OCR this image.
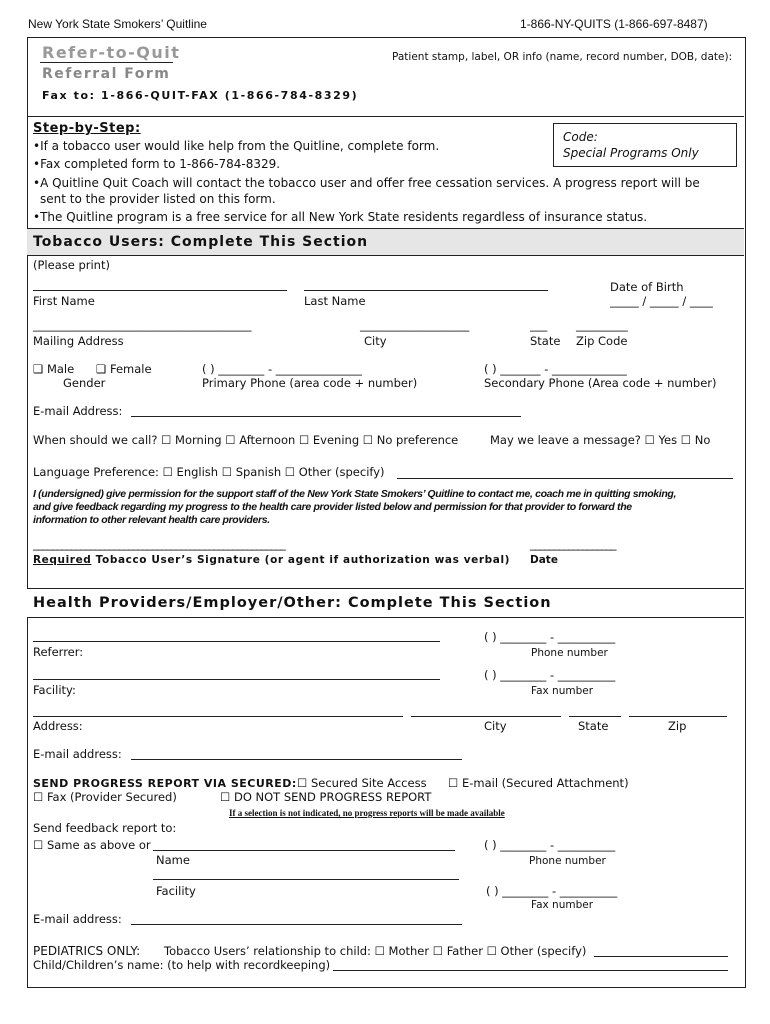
New York State Smokers’ Quitline	1-866-NY-QUITS (1-866-697-8487)
Refer-to-Quit
Referral Form
Fax to: 1-866-QUIT-FAX (1-866-784-8329)
Patient stamp, label, OR info (name, record number, DOB, date):
Step-by-Step:
•If a tobacco user would like help from the Quitline, complete form.
•Fax completed form to 1-866-784-8329.
•A Quitline Quit Coach will contact the tobacco user and offer free cessation services. A progress report will be
sent to the provider listed on this form.
•The Quitline program is a free service for all New York State residents regardless of insurance status.
Code:
Special Programs Only
Tobacco Users: Complete This Section
(Please print)
First Name	Last Name
Date of Birth
_____ / _____ / ____
______________________________________	___________________	___	_________
Mailing Address	City	State Zip Code
❑ Male ❑ Female
Gender
( ) ________ - _______________
Primary Phone (area code + number)
( ) _______ - _____________
Secondary Phone (Area code + number)
E-mail Address:
When should we call? ☐ Morning ☐ Afternoon ☐ Evening ☐ No preference	May we leave a message? ☐ Yes ☐ No
Language Preference: ☐ English ☐ Spanish ☐ Other (specify)
I (undersigned) give permission for the support staff of the New York State Smokers’ Quitline to contact me, coach me in quitting smoking,
and give feedback regarding my progress to the health care provider listed below and permission for that provider to forward the
information to other relevant health care providers.
_____________________________________________________	__________________
Required Tobacco User’s Signature (or agent if authorization was verbal) Date
Health Providers/Employer/Other: Complete This Section
( ) ________ - __________
Referrer:	Phone number
( ) ________ - __________
Facility:	Fax number
Address:	City	State	Zip
E-mail address:
SEND PROGRESS REPORT VIA SECURED: ☐ Secured Site Access ☐ E-mail (Secured Attachment)
☐ Fax (Provider Secured)	☐ DO NOT SEND PROGRESS REPORT
If a selection is not indicated, no progress reports will be made available
Send feedback report to:
☐ Same as above or	( ) ________ - __________
Name	Phone number
Facility	( ) ________ - __________
Fax number
E-mail address:
PEDIATRICS ONLY: Tobacco Users’ relationship to child: ☐ Mother ☐ Father ☐ Other (specify)
Child/Children’s name: (to help with recordkeeping)
